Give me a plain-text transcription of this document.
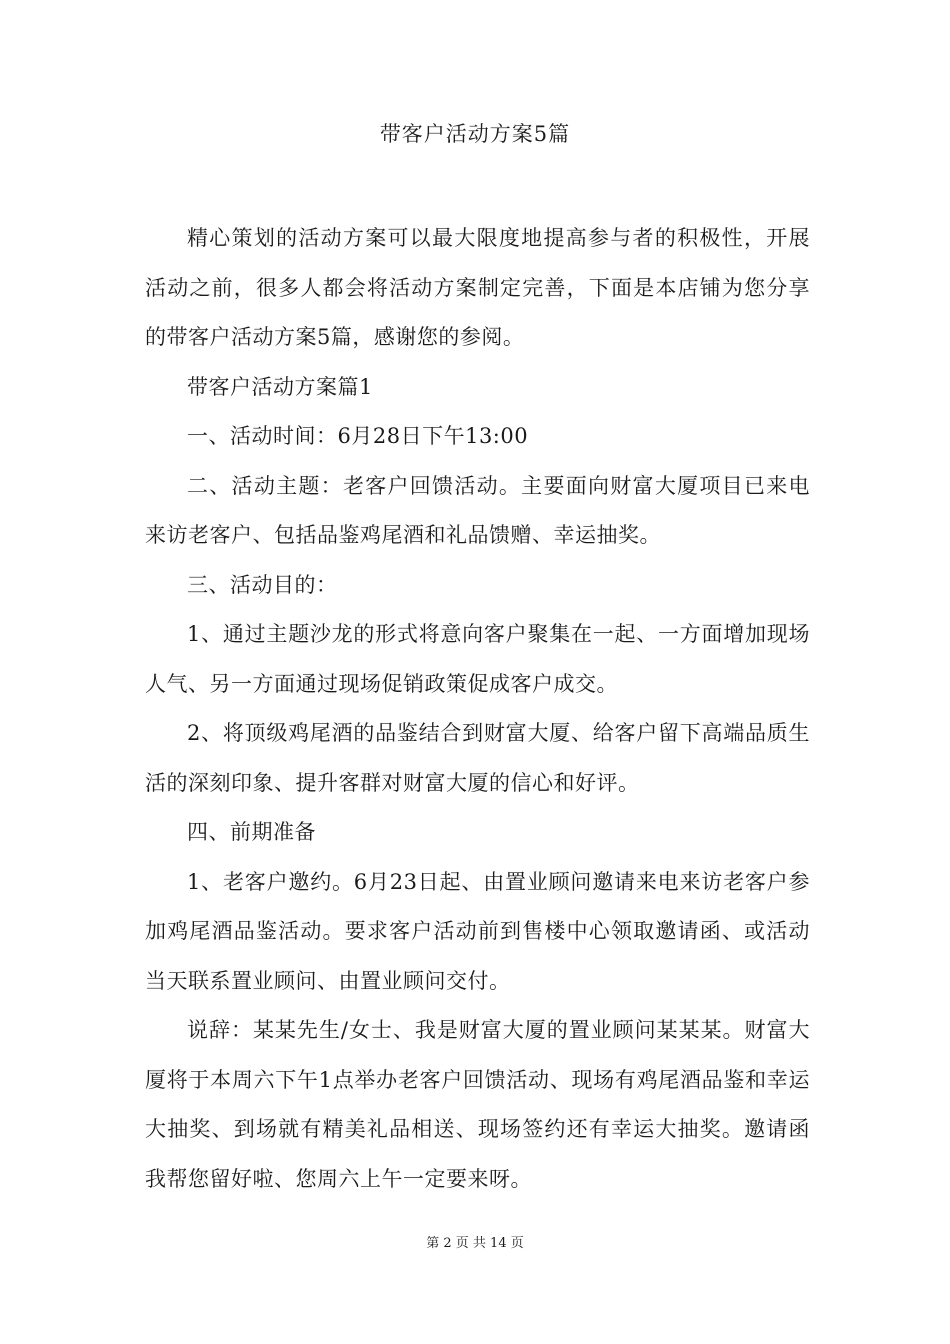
带客户活动方案5篇

精心策划的活动方案可以最大限度地提高参与者的积极性，开展活动之前，很多人都会将活动方案制定完善，下面是本店铺为您分享的带客户活动方案5篇，感谢您的参阅。

带客户活动方案篇1

一、活动时间：6月28日下午13:00

二、活动主题：老客户回馈活动。主要面向财富大厦项目已来电来访老客户、包括品鉴鸡尾酒和礼品馈赠、幸运抽奖。

三、活动目的：

1、通过主题沙龙的形式将意向客户聚集在一起、一方面增加现场人气、另一方面通过现场促销政策促成客户成交。

2、将顶级鸡尾酒的品鉴结合到财富大厦、给客户留下高端品质生活的深刻印象、提升客群对财富大厦的信心和好评。

四、前期准备

1、老客户邀约。6月23日起、由置业顾问邀请来电来访老客户参加鸡尾酒品鉴活动。要求客户活动前到售楼中心领取邀请函、或活动当天联系置业顾问、由置业顾问交付。

说辞：某某先生/女士、我是财富大厦的置业顾问某某某。财富大厦将于本周六下午1点举办老客户回馈活动、现场有鸡尾酒品鉴和幸运大抽奖、到场就有精美礼品相送、现场签约还有幸运大抽奖。邀请函我帮您留好啦、您周六上午一定要来呀。

第 2 页 共 14 页
